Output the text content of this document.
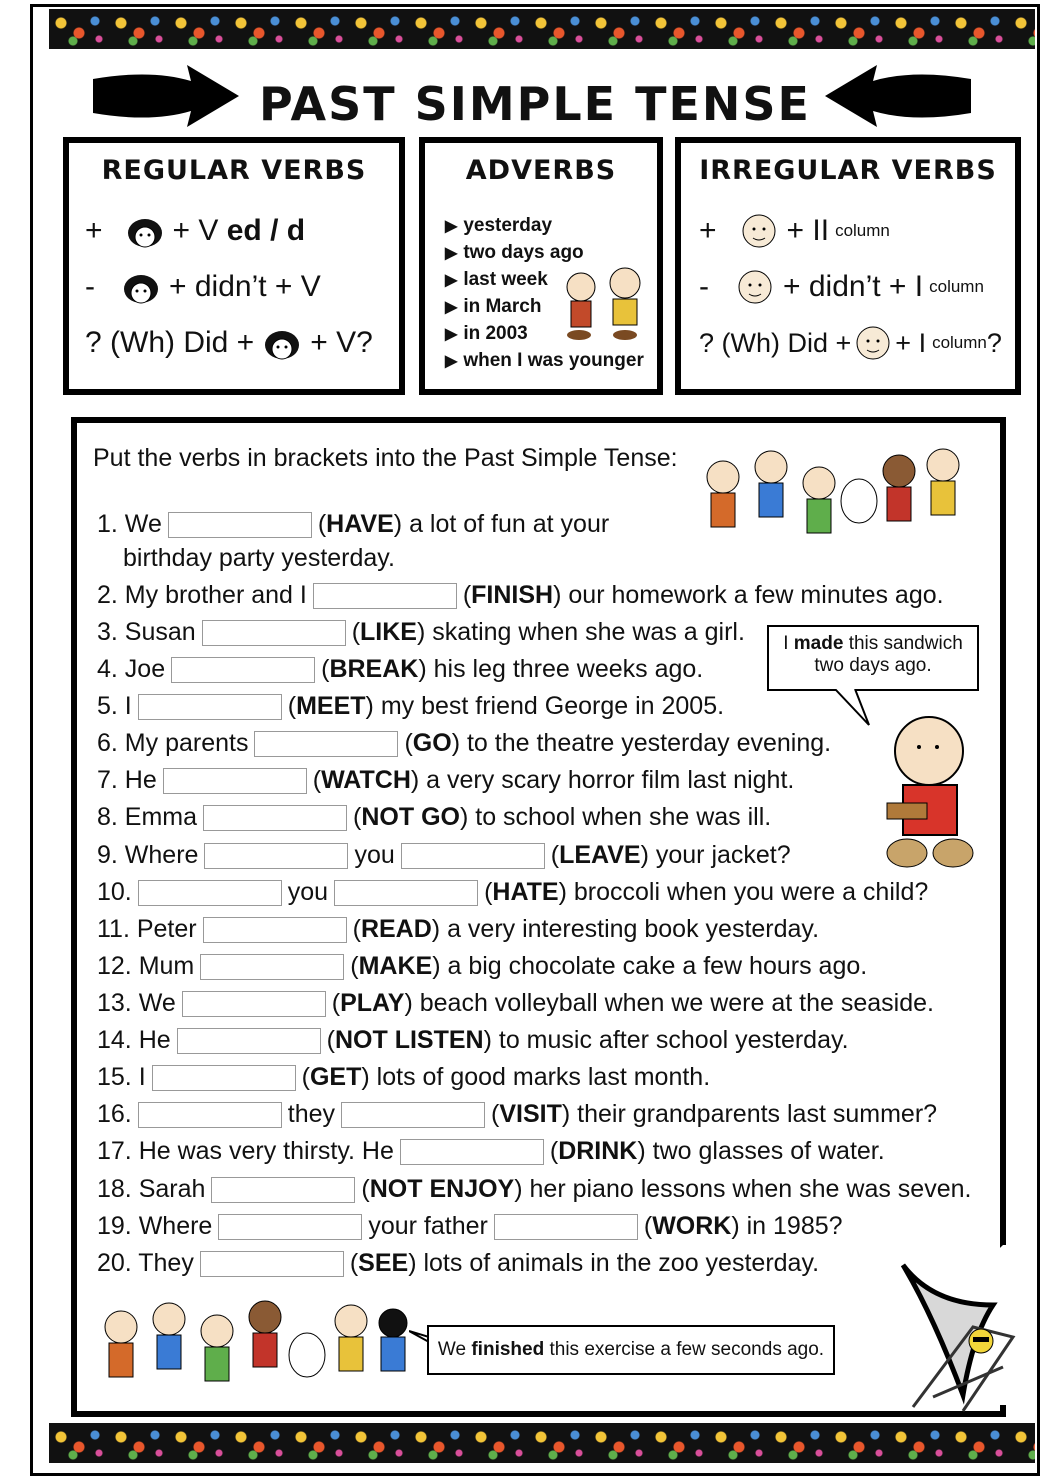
PAST SIMPLE TENSE
REGULAR VERBS
+ + V
ed / d
- + didn’t + V
? (Wh) Did + + V?
ADVERBS
▶ yesterday
▶ two days ago
▶ last week
▶ in March
▶ in 2003
▶ when I was younger
IRREGULAR VERBS
+ + II column
- + didn’t + I column
? (Wh) Did + + I column ?
Put the verbs in brackets into the Past Simple Tense:
1. We	( HAVE ) a lot of fun at your
birthday party yesterday.
2. My brother and I	( FINISH ) our homework a few minutes ago.
3. Susan	( LIKE ) skating when she was a girl.
4. Joe	( BREAK ) his leg three weeks ago.
5. I	( MEET ) my best friend George in 2005.
6. My parents	( GO ) to the theatre yesterday evening.
7. He	( WATCH ) a very scary horror film last night.
8. Emma	( NOT GO ) to school when she was ill.
9. Where	you	( LEAVE ) your jacket?
10.	you	( HATE ) broccoli when you were a child?
11. Peter	( READ ) a very interesting book yesterday.
12. Mum	( MAKE ) a big chocolate cake a few hours ago.
13. We	( PLAY ) beach volleyball when we were at the seaside.
14. He	( NOT LISTEN ) to music after school yesterday.
15. I	( GET ) lots of good marks last month.
16.	they	( VISIT ) their grandparents last summer?
17. He was very thirsty. He	( DRINK ) two glasses of water.
18. Sarah	( NOT ENJOY ) her piano lessons when she was seven.
19. Where	your father	( WORK ) in 1985?
20. They	( SEE ) lots of animals in the zoo yesterday.
I made this sandwich
two days ago.
We finished this exercise a few seconds ago.
